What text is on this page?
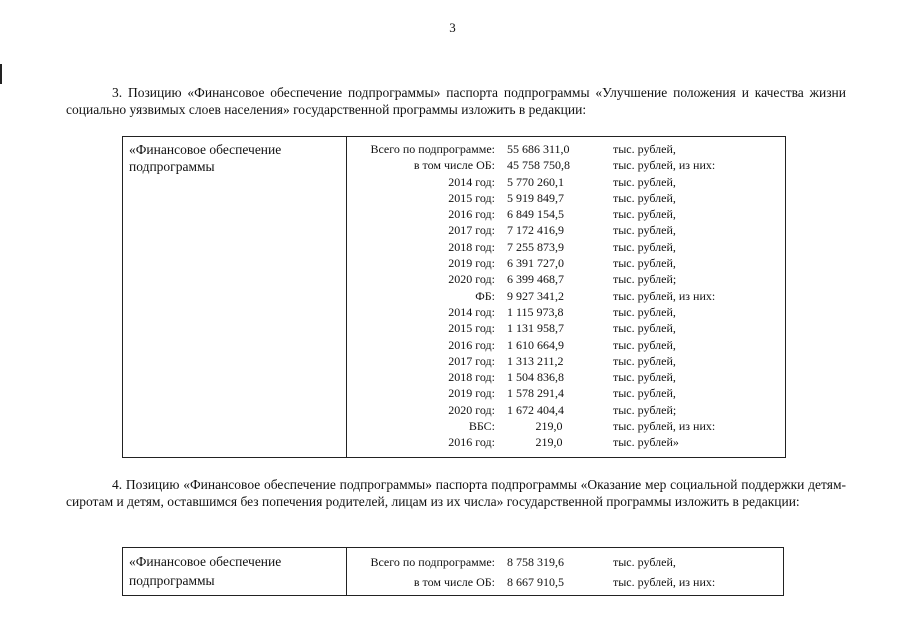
3
3. Позицию «Финансовое обеспечение подпрограммы» паспорта подпрограммы «Улучшение положения и качества жизни социально уязвимых слоев населения» государственной программы изложить в редакции:
«Финансовое обеспечение подпрограммы
Всего по подпрограмме: 55 686 311,0	тыс. рублей,
в том числе ОБ: 45 758 750,8	тыс. рублей, из них:
2014 год: 5 770 260,1	тыс. рублей,
2015 год: 5 919 849,7	тыс. рублей,
2016 год: 6 849 154,5	тыс. рублей,
2017 год: 7 172 416,9	тыс. рублей,
2018 год: 7 255 873,9	тыс. рублей,
2019 год: 6 391 727,0	тыс. рублей,
2020 год: 6 399 468,7	тыс. рублей;
ФБ: 9 927 341,2	тыс. рублей, из них:
2014 год: 1 115 973,8	тыс. рублей,
2015 год: 1 131 958,7	тыс. рублей,
2016 год: 1 610 664,9	тыс. рублей,
2017 год: 1 313 211,2	тыс. рублей,
2018 год: 1 504 836,8	тыс. рублей,
2019 год: 1 578 291,4	тыс. рублей,
2020 год: 1 672 404,4	тыс. рублей;
ВБС:	219,0	тыс. рублей, из них:
2016 год:	219,0	тыс. рублей»
4. Позицию «Финансовое обеспечение подпрограммы» паспорта подпрограммы «Оказание мер социальной поддержки детям-сиротам и детям, оставшимся без попечения родителей, лицам из их числа» государственной программы изложить в редакции:
«Финансовое обеспечение подпрограммы
Всего по подпрограмме: 8 758 319,6	тыс. рублей,
в том числе ОБ: 8 667 910,5	тыс. рублей, из них:
